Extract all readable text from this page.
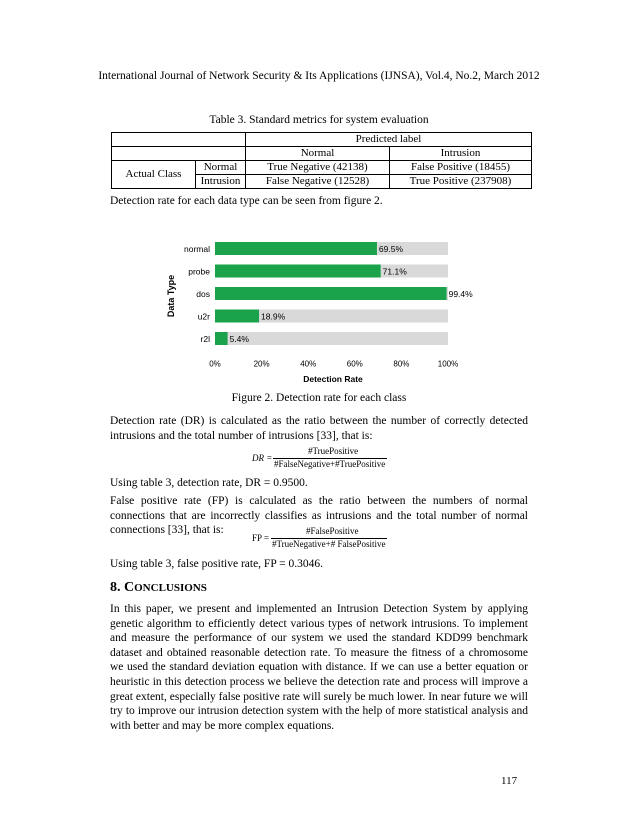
International Journal of Network Security & Its Applications (IJNSA), Vol.4, No.2, March 2012
Table 3. Standard metrics for system evaluation
		Predicted label	
		Normal	Intrusion
Actual Class	Normal	True Negative (42138)	False Positive (18455)
	Intrusion	False Negative (12528)	True Positive (237908)

Detection rate for each data type can be seen from figure 2.

normal	69.5%
probe	71.1%
dos	99.4%
u2r	18.9%
r2l 5.4%
0%	20%	40%	60%	80%	100%
Data Type
Detection Rate
Figure 2. Detection rate for each class

Detection rate (DR) is calculated as the ratio between the number of correctly detected intrusions and the total number of intrusions [33], that is:

DR =
#TruePositive
#FalseNegative+#TruePositive

Using table 3, detection rate, DR = 0.9500.

False positive rate (FP) is calculated as the ratio between the numbers of normal connections that are incorrectly classifies as intrusions and the total number of normal connections [33], that is:

FP =
#FalsePositive
#TrueNegative+# FalsePositive

Using table 3, false positive rate, FP = 0.3046.

8. CONCLUSIONS

In this paper, we present and implemented an Intrusion Detection System by applying genetic algorithm to efficiently detect various types of network intrusions. To implement and measure the performance of our system we used the standard KDD99 benchmark dataset and obtained reasonable detection rate. To measure the fitness of a chromosome we used the standard deviation equation with distance. If we can use a better equation or heuristic in this detection process we believe the detection rate and process will improve a great extent, especially false positive rate will surely be much lower. In near future we will try to improve our intrusion detection system with the help of more statistical analysis and with better and may be more complex equations.

117
